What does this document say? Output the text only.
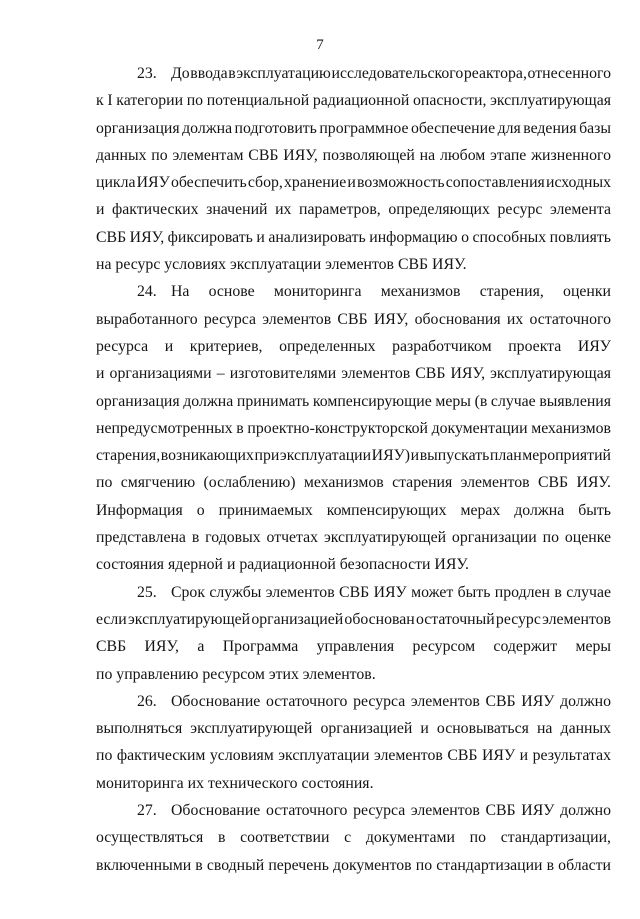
7
23. До ввода в эксплуатацию исследовательского реактора, отнесенного
к I категории по потенциальной радиационной опасности, эксплуатирующая
организация должна подготовить программное обеспечение для ведения базы
данных по элементам СВБ ИЯУ, позволяющей на любом этапе жизненного
цикла ИЯУ обеспечить сбор, хранение и возможность сопоставления исходных
и фактических значений их параметров, определяющих ресурс элемента
СВБ ИЯУ, фиксировать и анализировать информацию о способных повлиять
на ресурс условиях эксплуатации элементов СВБ ИЯУ.
24. На основе мониторинга механизмов старения, оценки
выработанного ресурса элементов СВБ ИЯУ, обоснования их остаточного
ресурса и критериев, определенных разработчиком проекта ИЯУ
и организациями – изготовителями элементов СВБ ИЯУ, эксплуатирующая
организация должна принимать компенсирующие меры (в случае выявления
непредусмотренных в проектно-конструкторской документации механизмов
старения, возникающих при эксплуатации ИЯУ) и выпускать план мероприятий
по смягчению (ослаблению) механизмов старения элементов СВБ ИЯУ.
Информация о принимаемых компенсирующих мерах должна быть
представлена в годовых отчетах эксплуатирующей организации по оценке
состояния ядерной и радиационной безопасности ИЯУ.
25. Срок службы элементов СВБ ИЯУ может быть продлен в случае
если эксплуатирующей организацией обоснован остаточный ресурс элементов
СВБ ИЯУ, а Программа управления ресурсом содержит меры
по управлению ресурсом этих элементов.
26. Обоснование остаточного ресурса элементов СВБ ИЯУ должно
выполняться эксплуатирующей организацией и основываться на данных
по фактическим условиям эксплуатации элементов СВБ ИЯУ и результатах
мониторинга их технического состояния.
27. Обоснование остаточного ресурса элементов СВБ ИЯУ должно
осуществляться в соответствии с документами по стандартизации,
включенными в сводный перечень документов по стандартизации в области
